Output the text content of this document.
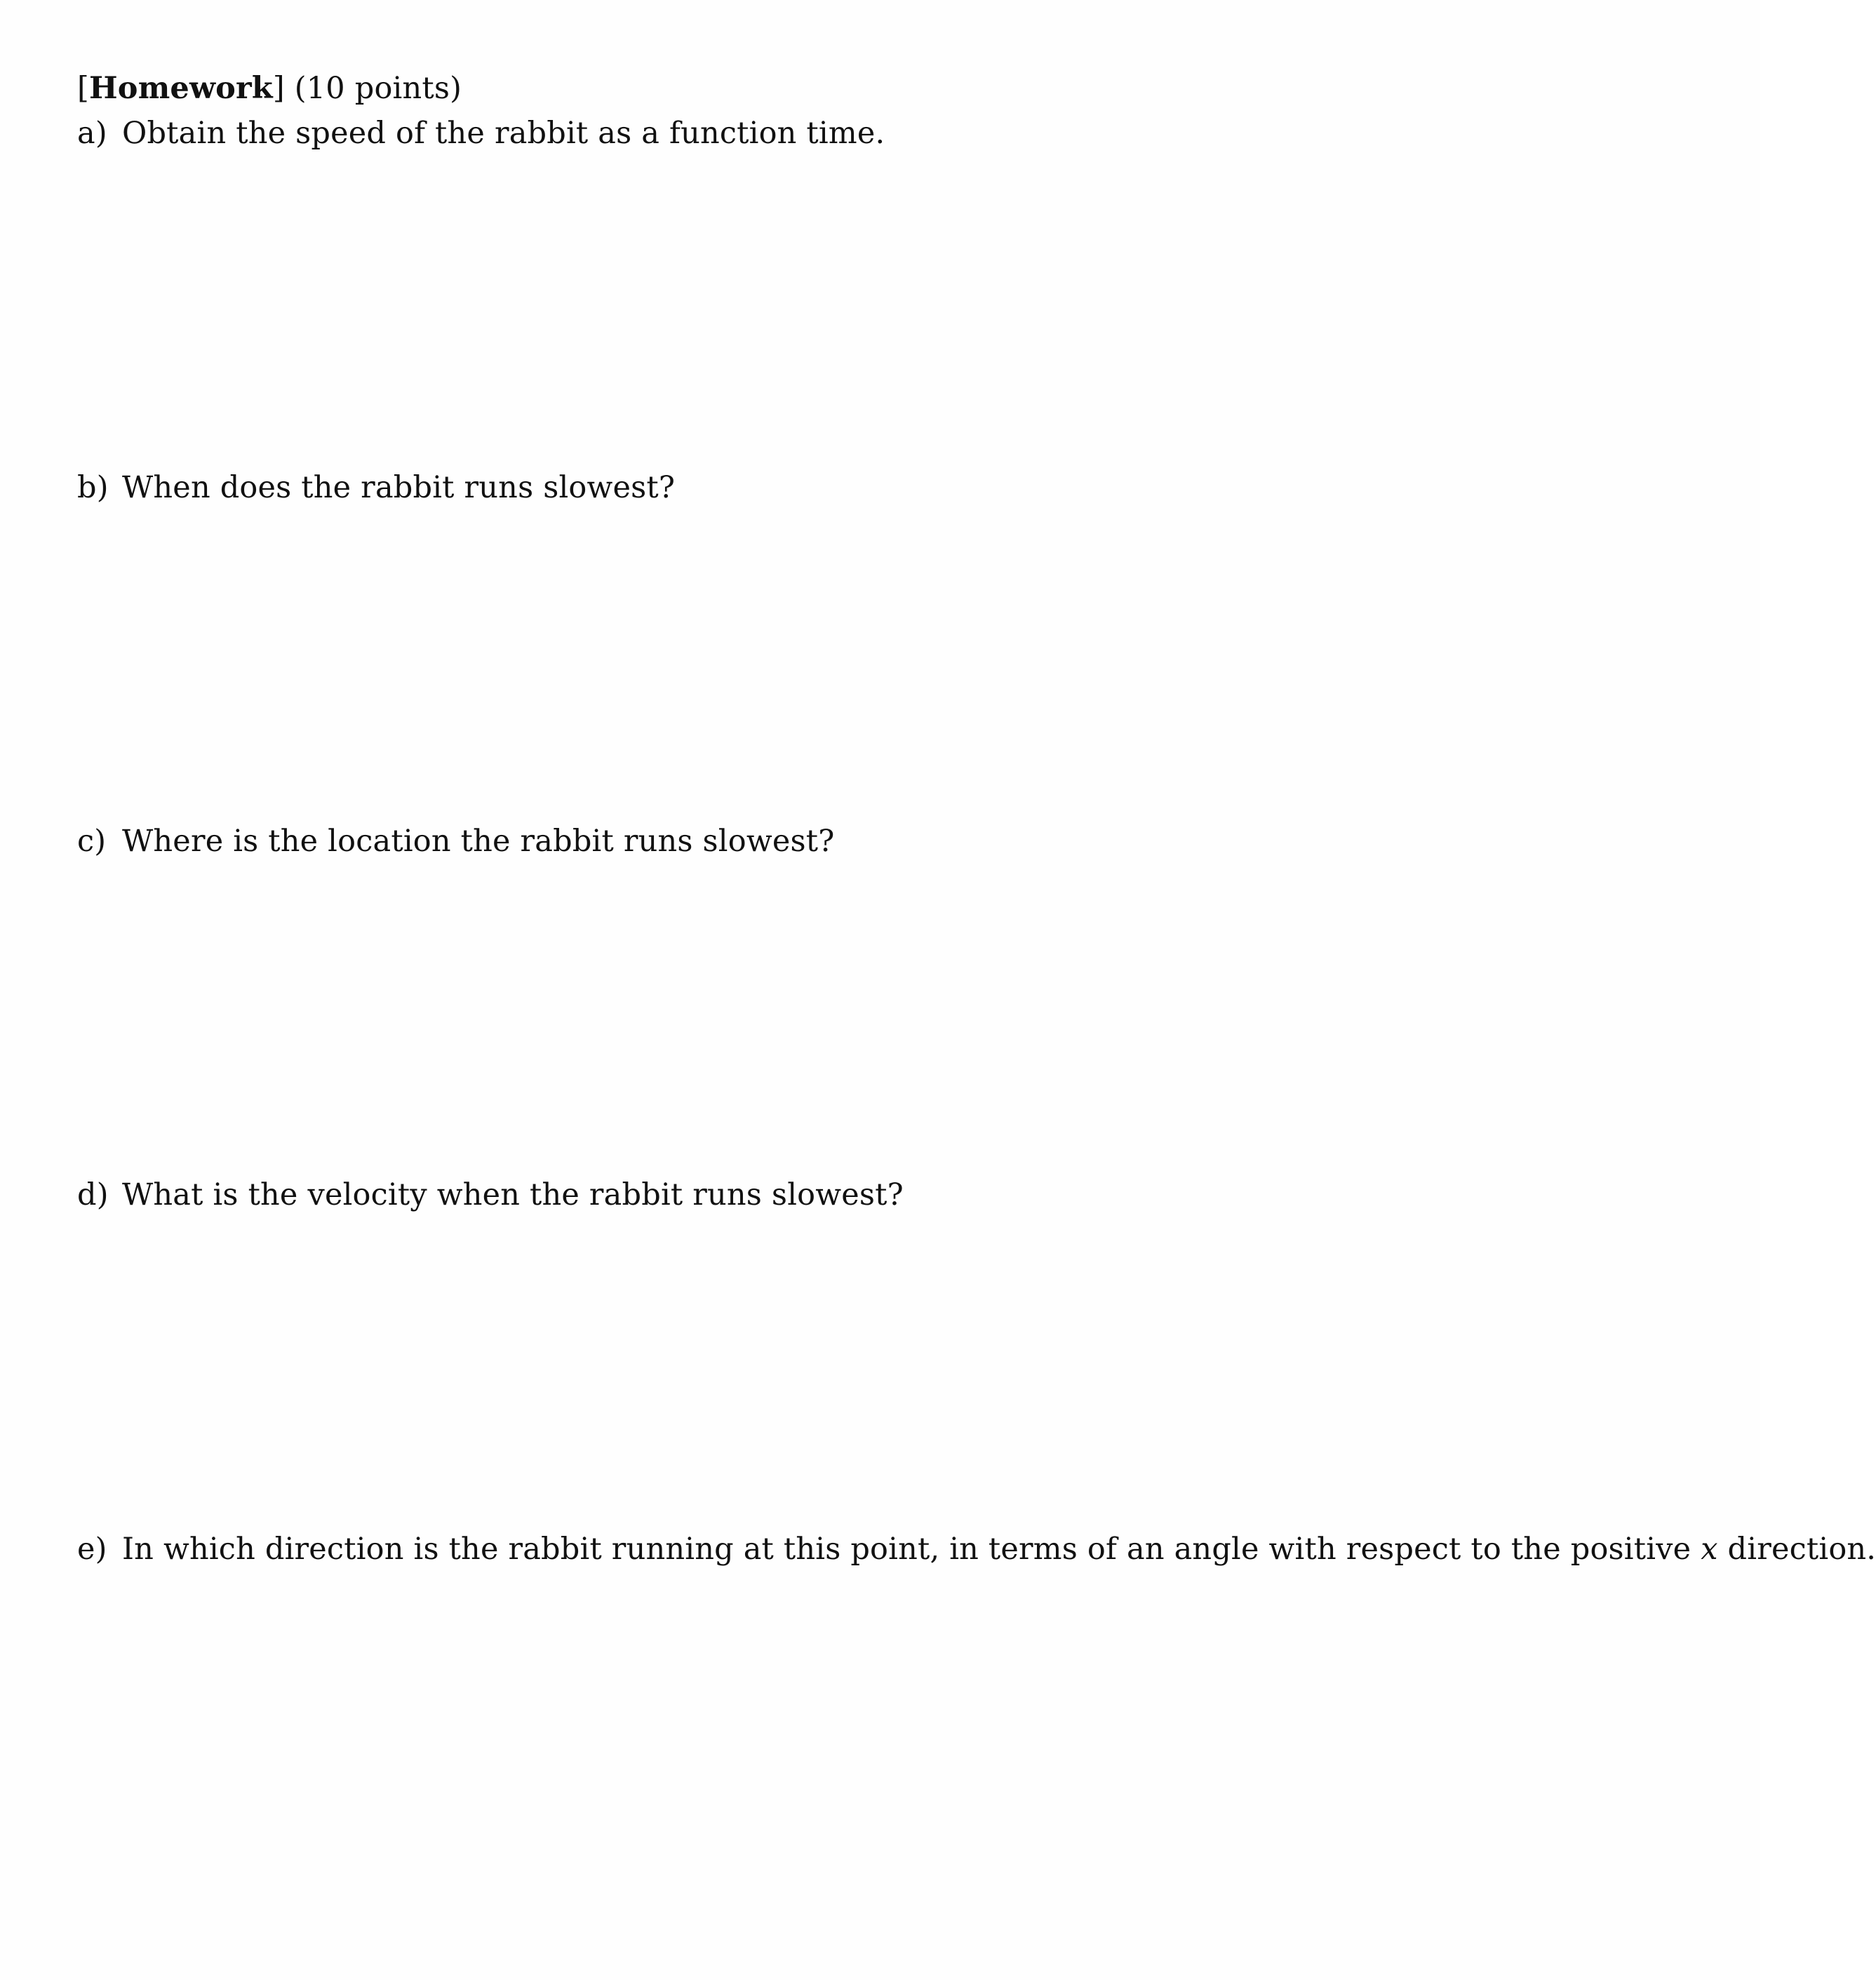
[Homework] (10 points)
a) Obtain the speed of the rabbit as a function time.
b) When does the rabbit runs slowest?
c) Where is the location the rabbit runs slowest?
d) What is the velocity when the rabbit runs slowest?
e) In which direction is the rabbit running at this point, in terms of an angle with respect to the positive x direction.
